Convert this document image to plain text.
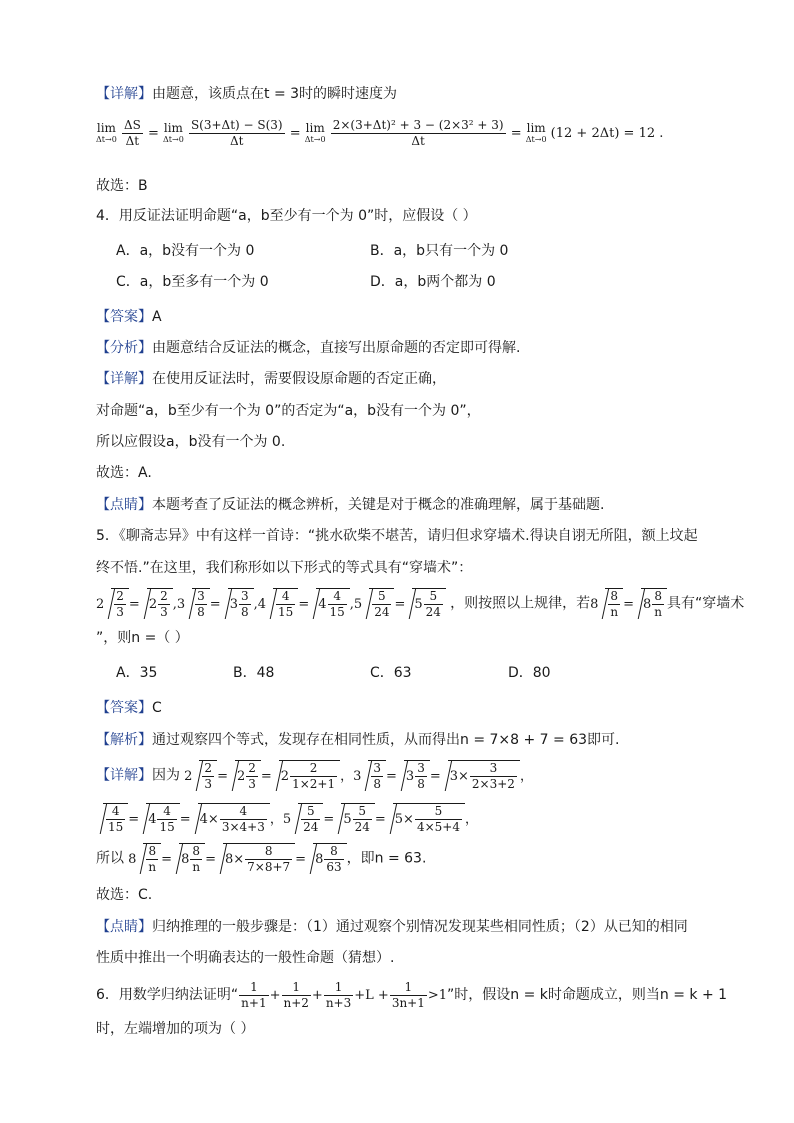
【详解】由题意，该质点在t = 3时的瞬时速度为
lim
Δt→0
$\frac{\Delta S}{\Delta t} = \lim$
Δt→0
$\frac{S(3+\Delta t) - S(3)}{\Delta t} = \lim$
Δt→0
$\frac{\text{2×(3+Δt)² + 3 − (2×3² + 3)}}{\Delta t} = \lim$
Δt→0 (12 + 2Δt) = 12 .
故选：B
4．用反证法证明命题“a，b至少有一个为 0”时，应假设（ ）
A．a，b没有一个为 0	B．a，b只有一个为 0
C．a，b至多有一个为 0	D．a，b两个都为 0
【答案】A
【分析】由题意结合反证法的概念，直接写出原命题的否定即可得解.
【详解】在使用反证法时，需要假设原命题的否定正确，
对命题“a，b至少有一个为 0”的否定为“a，b没有一个为 0”，
所以应假设a，b没有一个为 0.
故选：A.
【点睛】本题考查了反证法的概念辨析，关键是对于概念的准确理解，属于基础题.
5．《聊斋志异》中有这样一首诗：“挑水砍柴不堪苦，请归但求穿墙术.得诀自诩无所阻，额上坟起
终不悟.”在这里，我们称形如以下形式的等式具有“穿墙术”：
$2 \frac{2}{3} = 2 \frac{2}{3} ,3 \frac{3}{8} = 3 \frac{3}{8} ,4 \frac{4}{15} = 4 \frac{4}{15} ,5 \frac{5}{24} = 5 \frac{5}{24}$ ，则按照以上规律，若$8 \frac{8}{n} = 8 \frac{8}{n}$ 具有“穿墙术
”，则n =（ ）
A．35	B．48	C．63	D．80
【答案】C
【解析】通过观察四个等式，发现存在相同性质，从而得出n = 7×8 + 7 = 63即可.
【详解】因为 $2 \frac{2}{3} = 2 \frac{2}{3} = 2 \frac{2}{1\times 2+1}$ ，$3 \frac{3}{8} = 3 \frac{3}{8} = 3\times \frac{3}{2\times 3+2}$ ，
$\frac{4}{15} = 4 \frac{4}{15} = 4\times \frac{4}{3\times 4+3}$ ，$5 \frac{5}{24} = 5 \frac{5}{24} = 5\times \frac{5}{4\times 5+4}$ ，
所以 $8 \frac{8}{n} = 8 \frac{8}{n} = 8\times \frac{8}{7\times 8+7} = 8 \frac{8}{63}$ ，即n = 63.
故选：C.
【点睛】归纳推理的一般步骤是：（1）通过观察个别情况发现某些相同性质；（2）从已知的相同
性质中推出一个明确表达的一般性命题（猜想）.
6．用数学归纳法证明“ $\frac{1}{n+1} + \frac{1}{n+2} + \frac{1}{n+3} +L + \frac{1}{3n+1} >1$”时，假设n = k时命题成立，则当n = k + 1
时，左端增加的项为（ ）
